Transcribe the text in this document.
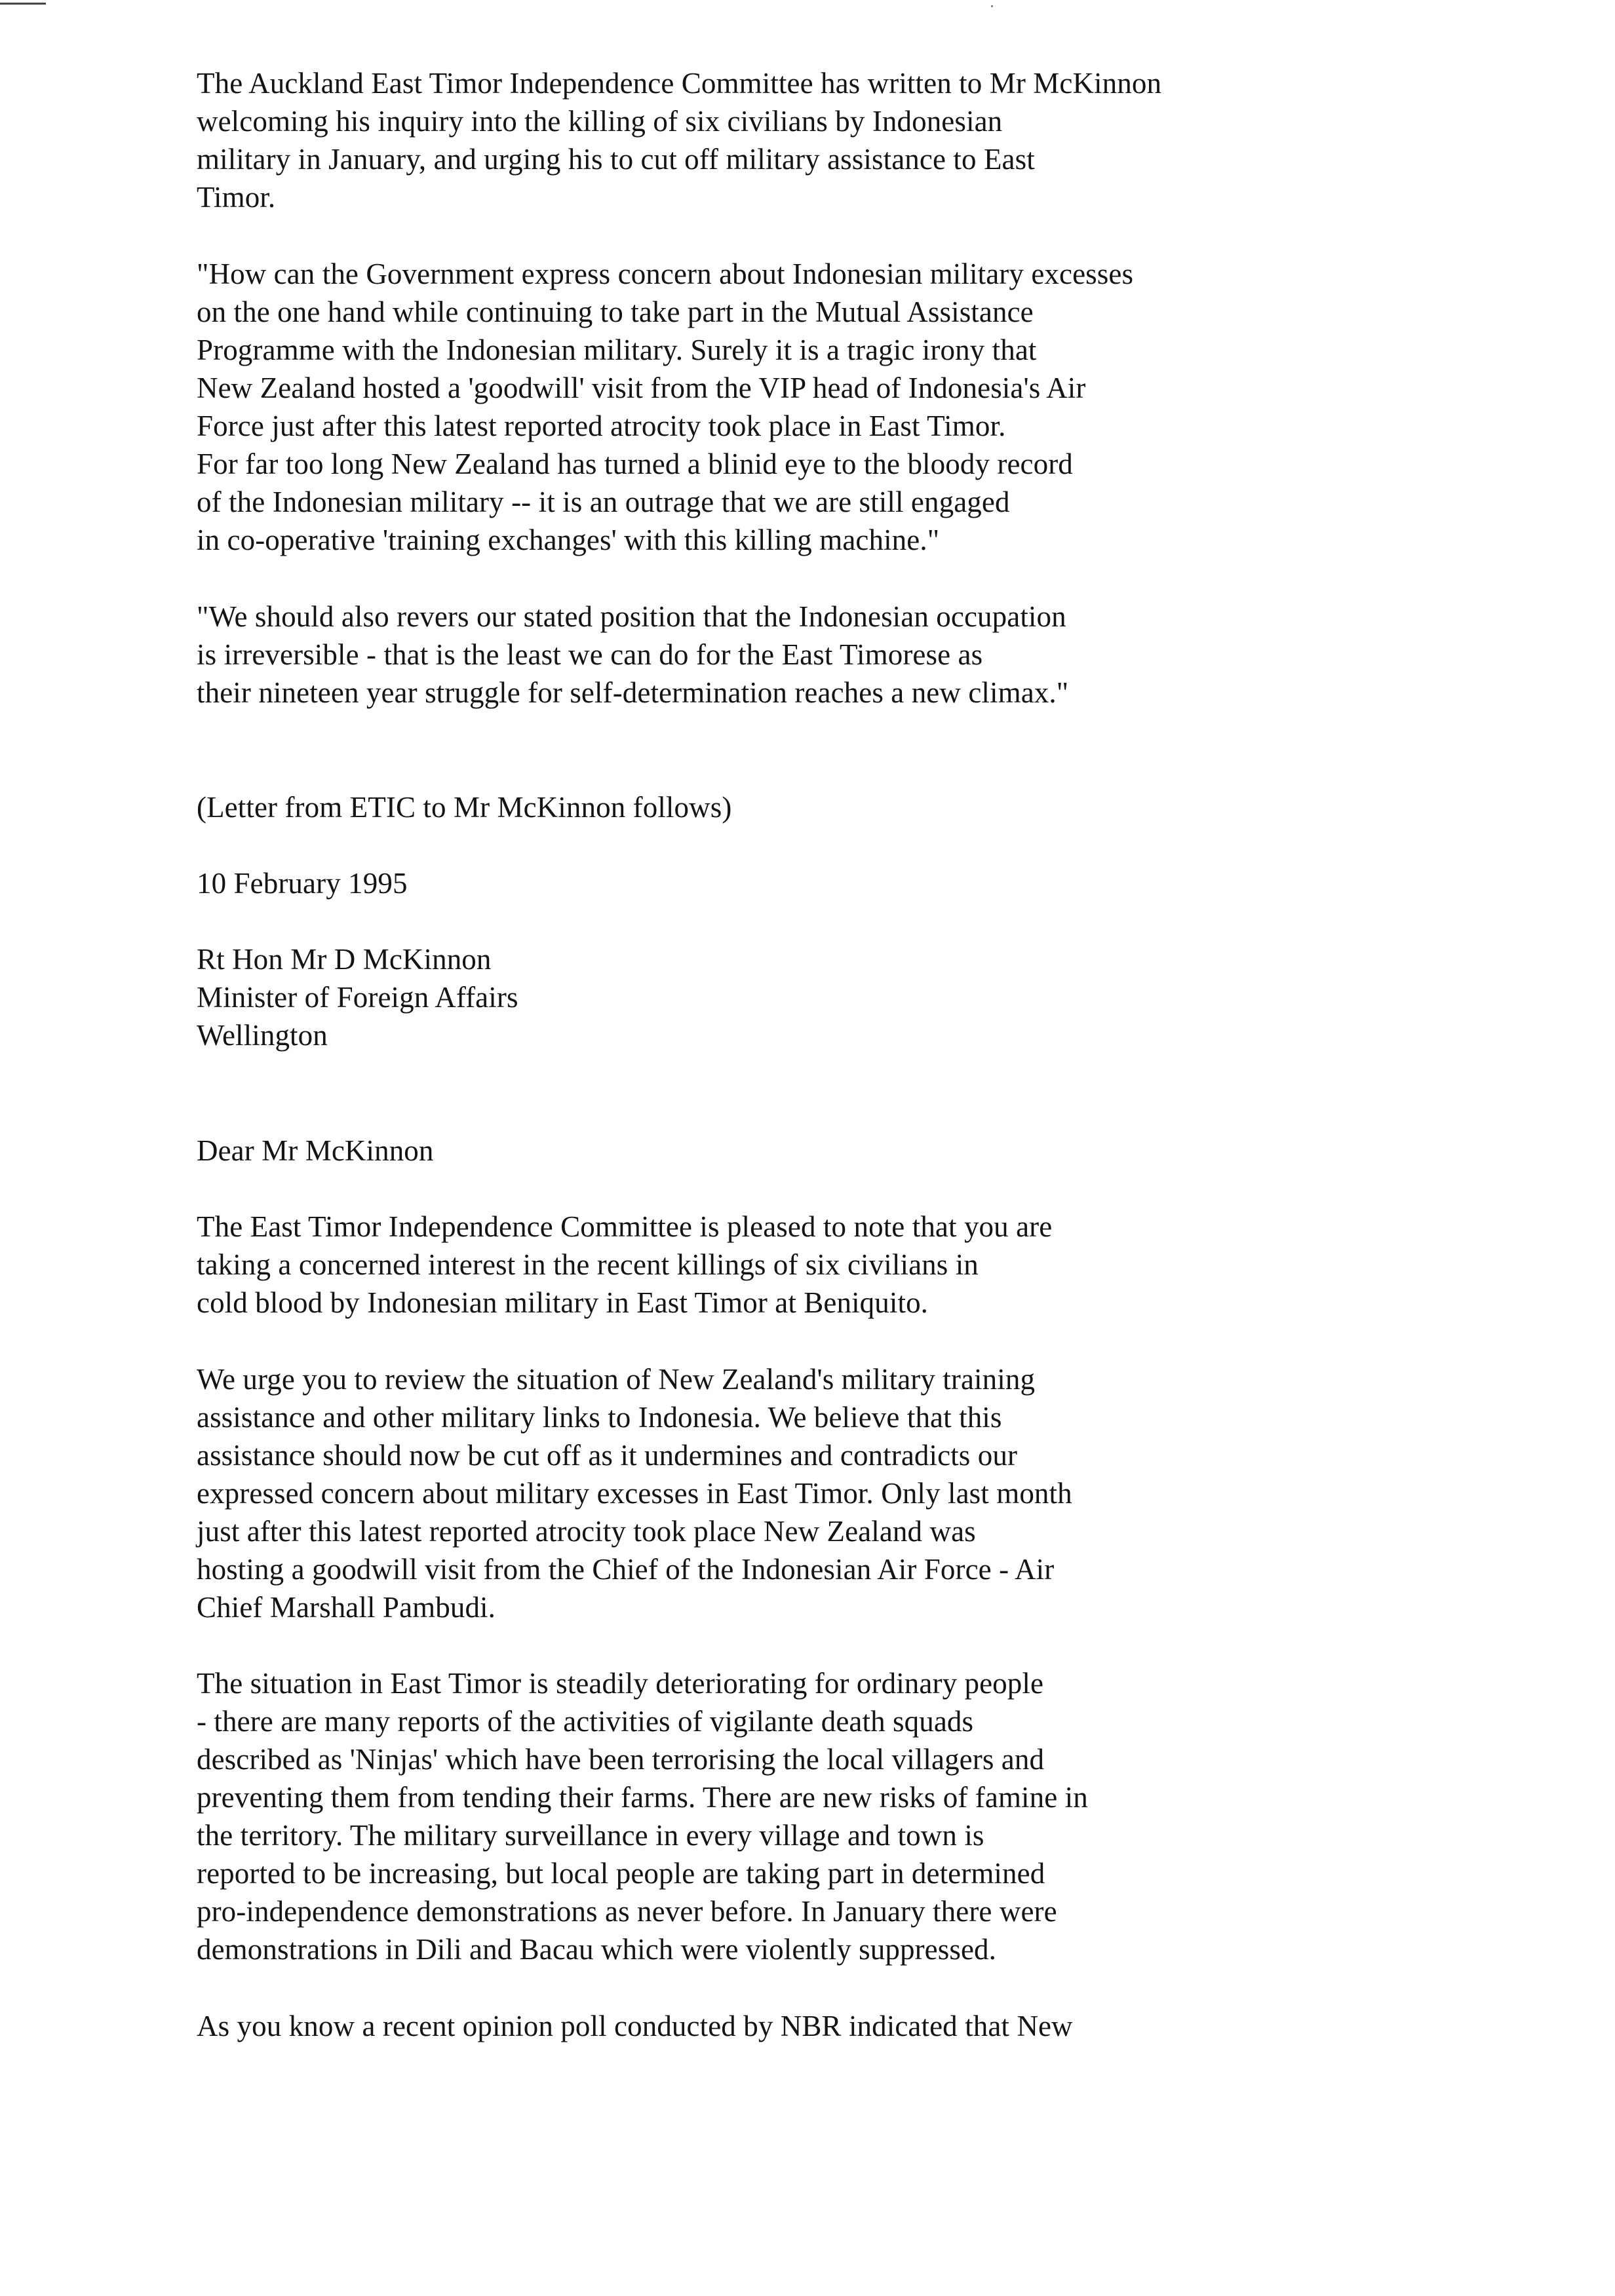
The Auckland East Timor Independence Committee has written to Mr McKinnon
welcoming his inquiry into the killing of six civilians by Indonesian
military in January, and urging his to cut off military assistance to East
Timor.
"How can the Government express concern about Indonesian military excesses
on the one hand while continuing to take part in the Mutual Assistance
Programme with the Indonesian military. Surely it is a tragic irony that
New Zealand hosted a 'goodwill' visit from the VIP head of Indonesia's Air
Force just after this latest reported atrocity took place in East Timor.
For far too long New Zealand has turned a blinid eye to the bloody record
of the Indonesian military -- it is an outrage that we are still engaged
in co-operative 'training exchanges' with this killing machine."
"We should also revers our stated position that the Indonesian occupation
is irreversible - that is the least we can do for the East Timorese as
their nineteen year struggle for self-determination reaches a new climax."
(Letter from ETIC to Mr McKinnon follows)
10 February 1995
Rt Hon Mr D McKinnon
Minister of Foreign Affairs
Wellington
Dear Mr McKinnon
The East Timor Independence Committee is pleased to note that you are
taking a concerned interest in the recent killings of six civilians in
cold blood by Indonesian military in East Timor at Beniquito.
We urge you to review the situation of New Zealand's military training
assistance and other military links to Indonesia. We believe that this
assistance should now be cut off as it undermines and contradicts our
expressed concern about military excesses in East Timor. Only last month
just after this latest reported atrocity took place New Zealand was
hosting a goodwill visit from the Chief of the Indonesian Air Force - Air
Chief Marshall Pambudi.
The situation in East Timor is steadily deteriorating for ordinary people
- there are many reports of the activities of vigilante death squads
described as 'Ninjas' which have been terrorising the local villagers and
preventing them from tending their farms. There are new risks of famine in
the territory. The military surveillance in every village and town is
reported to be increasing, but local people are taking part in determined
pro-independence demonstrations as never before. In January there were
demonstrations in Dili and Bacau which were violently suppressed.
As you know a recent opinion poll conducted by NBR indicated that New
